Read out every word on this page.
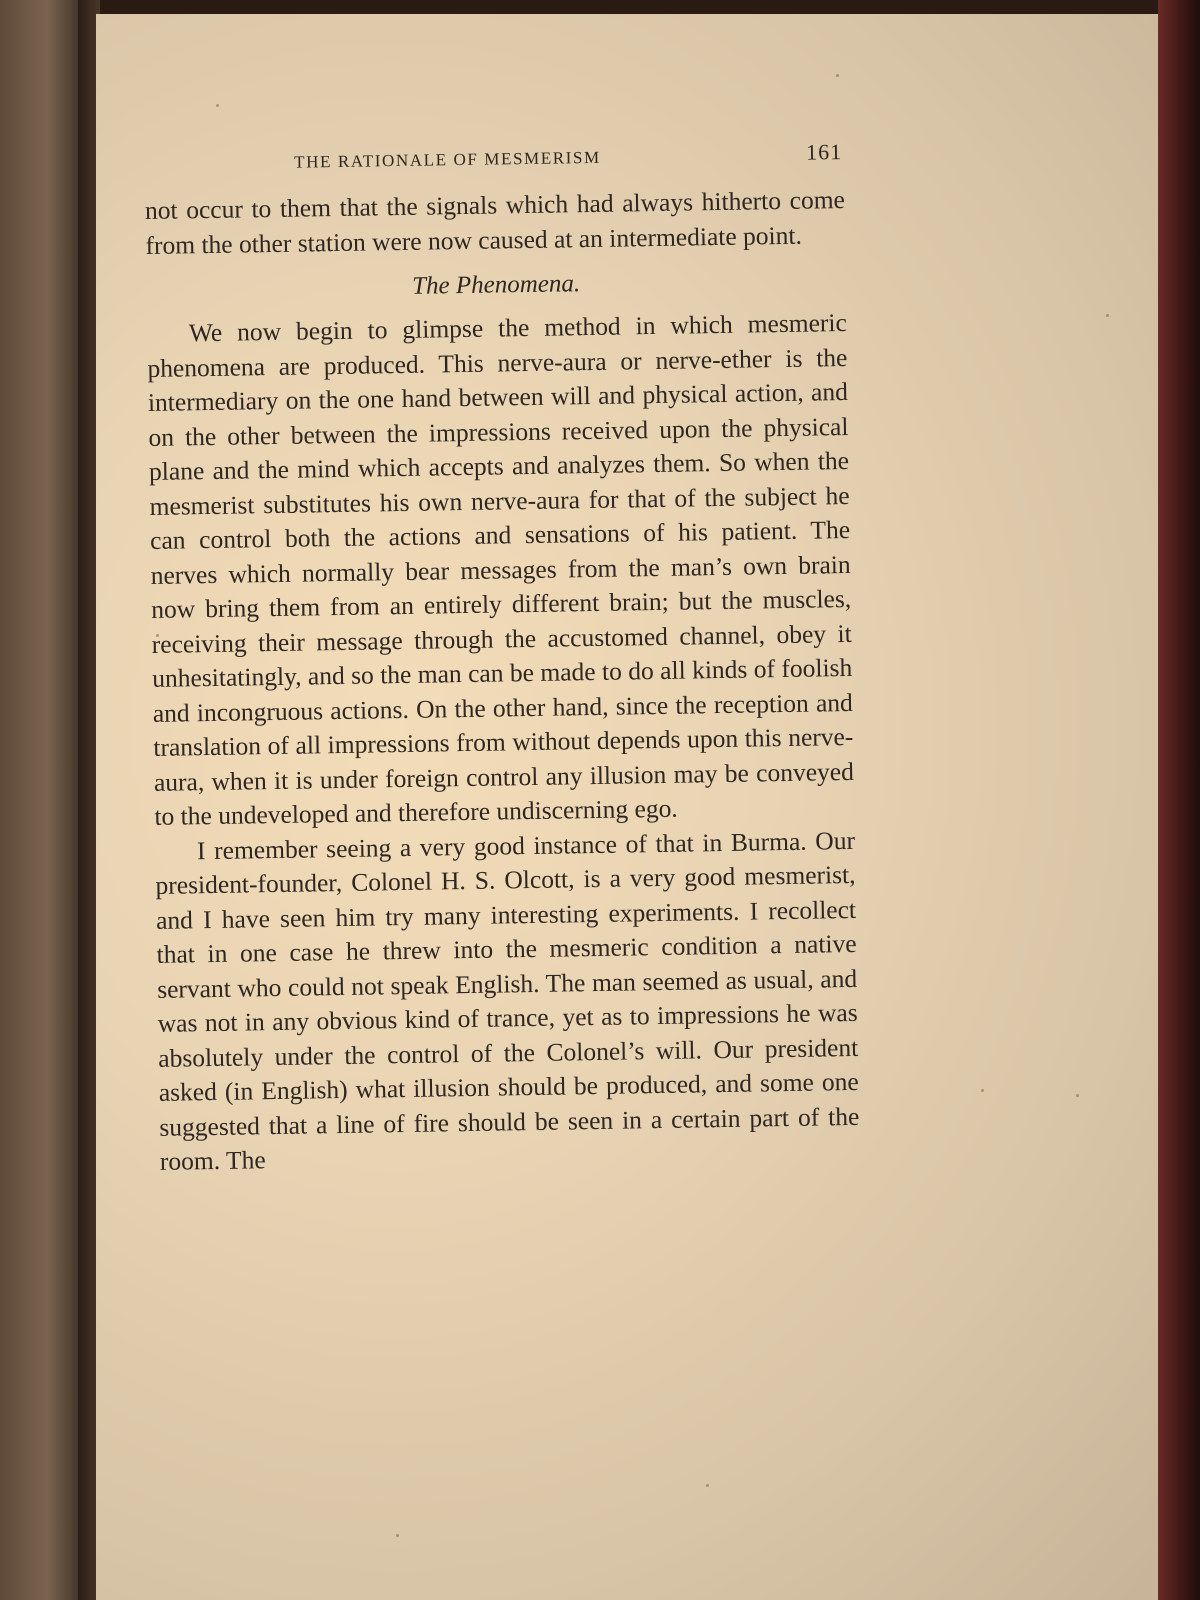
THE RATIONALE OF MESMERISM	161

not occur to them that the signals which had always hitherto come from the other station were now caused at an intermediate point.

The Phenomena.

We now begin to glimpse the method in which mesmeric phenomena are produced. This nerve-aura or nerve-ether is the intermediary on the one hand between will and physical action, and on the other between the impressions received upon the physical plane and the mind which accepts and analyzes them. So when the mesmerist substitutes his own nerve-aura for that of the subject he can control both the actions and sensations of his patient. The nerves which normally bear messages from the man’s own brain now bring them from an entirely different brain; but the muscles, receiving their message through the accustomed channel, obey it unhesitatingly, and so the man can be made to do all kinds of foolish and incongruous actions. On the other hand, since the reception and translation of all impressions from without depends upon this nerve-aura, when it is under foreign control any illusion may be conveyed to the undeveloped and therefore undiscerning ego.

I remember seeing a very good instance of that in Burma. Our president-founder, Colonel H. S. Olcott, is a very good mesmerist, and I have seen him try many interesting experiments. I recollect that in one case he threw into the mesmeric condition a native servant who could not speak English. The man seemed as usual, and was not in any obvious kind of trance, yet as to impressions he was absolutely under the control of the Colonel’s will. Our president asked (in English) what illusion should be produced, and some one suggested that a line of fire should be seen in a certain part of the room. The
